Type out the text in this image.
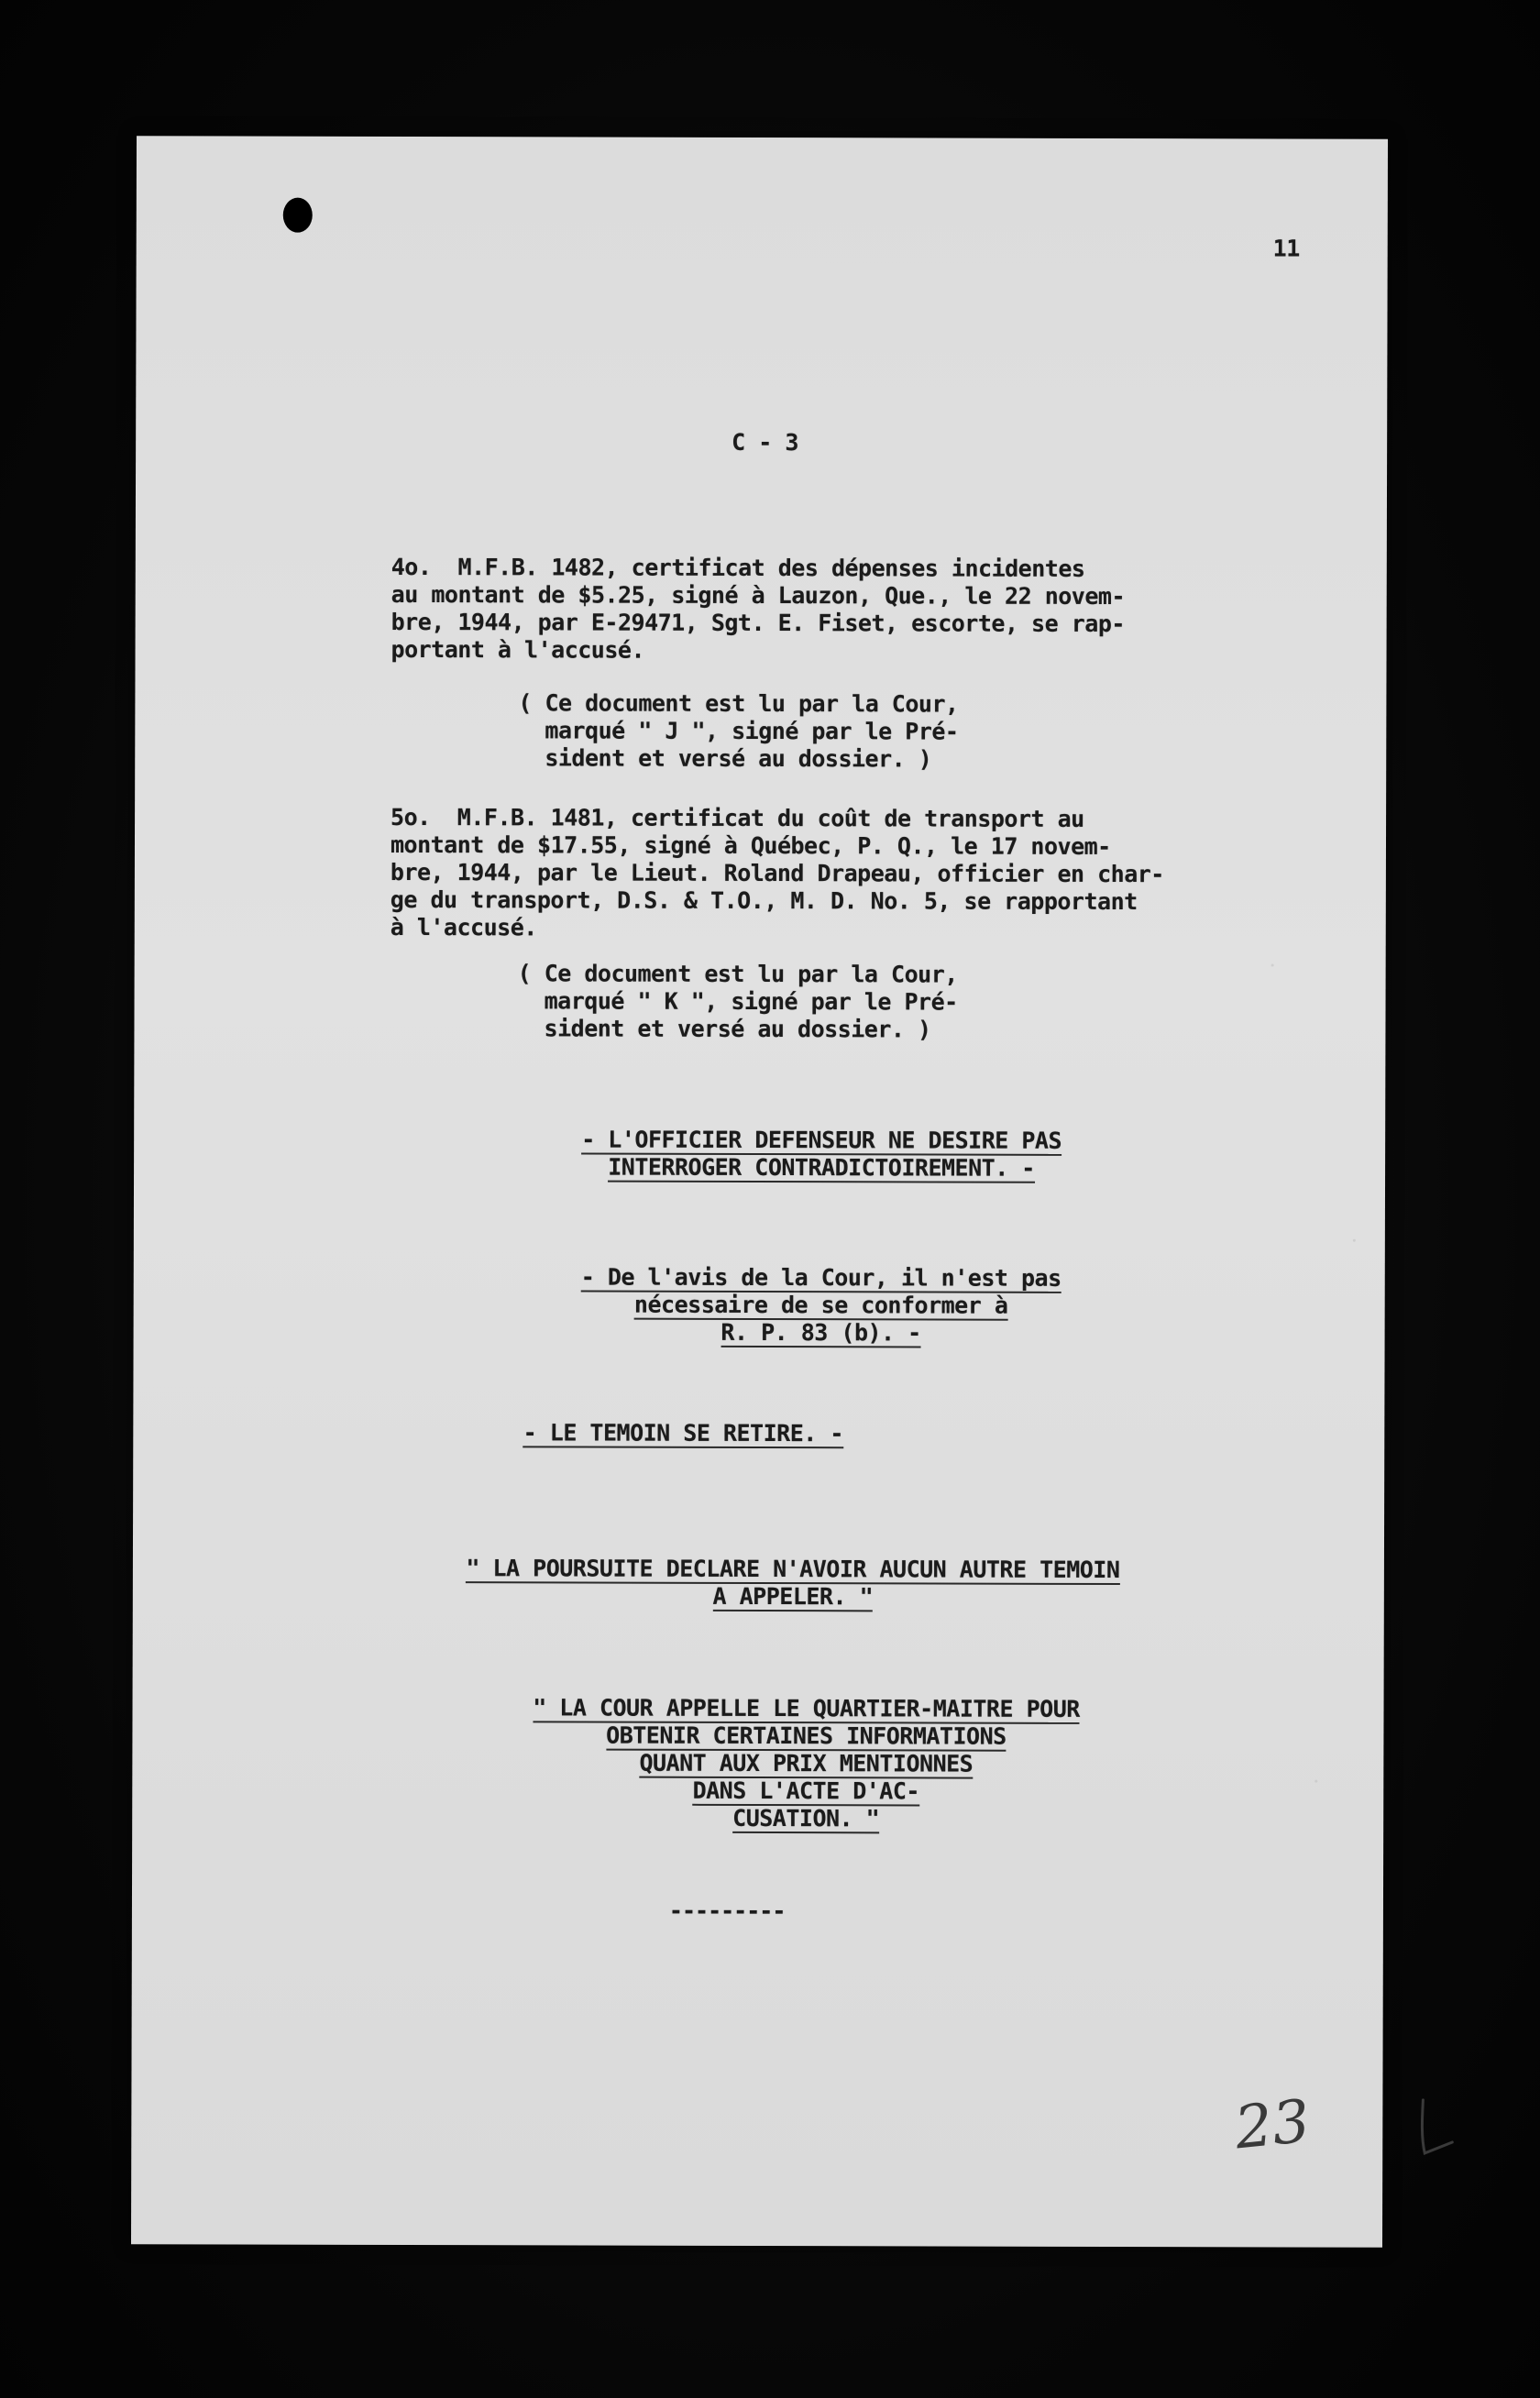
11

C - 3

4o.  M.F.B. 1482, certificat des dépenses incidentes
au montant de $5.25, signé à Lauzon, Que., le 22 novem-
bre, 1944, par E-29471, Sgt. E. Fiset, escorte, se rap-
portant à l'accusé.

( Ce document est lu par la Cour,
marqué " J ", signé par le Pré-
sident et versé au dossier. )

5o.  M.F.B. 1481, certificat du coût de transport au
montant de $17.55, signé à Québec, P. Q., le 17 novem-
bre, 1944, par le Lieut. Roland Drapeau, officier en char-
ge du transport, D.S. & T.O., M. D. No. 5, se rapportant
à l'accusé.

( Ce document est lu par la Cour,
marqué " K ", signé par le Pré-
sident et versé au dossier. )

- L'OFFICIER DEFENSEUR NE DESIRE PAS
INTERROGER CONTRADICTOIREMENT. -
- De l'avis de la Cour, il n'est pas
nécessaire de se conformer à
R. P. 83 (b). -
- LE TEMOIN SE RETIRE. -
" LA POURSUITE DECLARE N'AVOIR AUCUN AUTRE TEMOIN
A APPELER. "
" LA COUR APPELLE LE QUARTIER-MAITRE POUR
OBTENIR CERTAINES INFORMATIONS
QUANT AUX PRIX MENTIONNES
DANS L'ACTE D'AC-
CUSATION. "

---------

23
